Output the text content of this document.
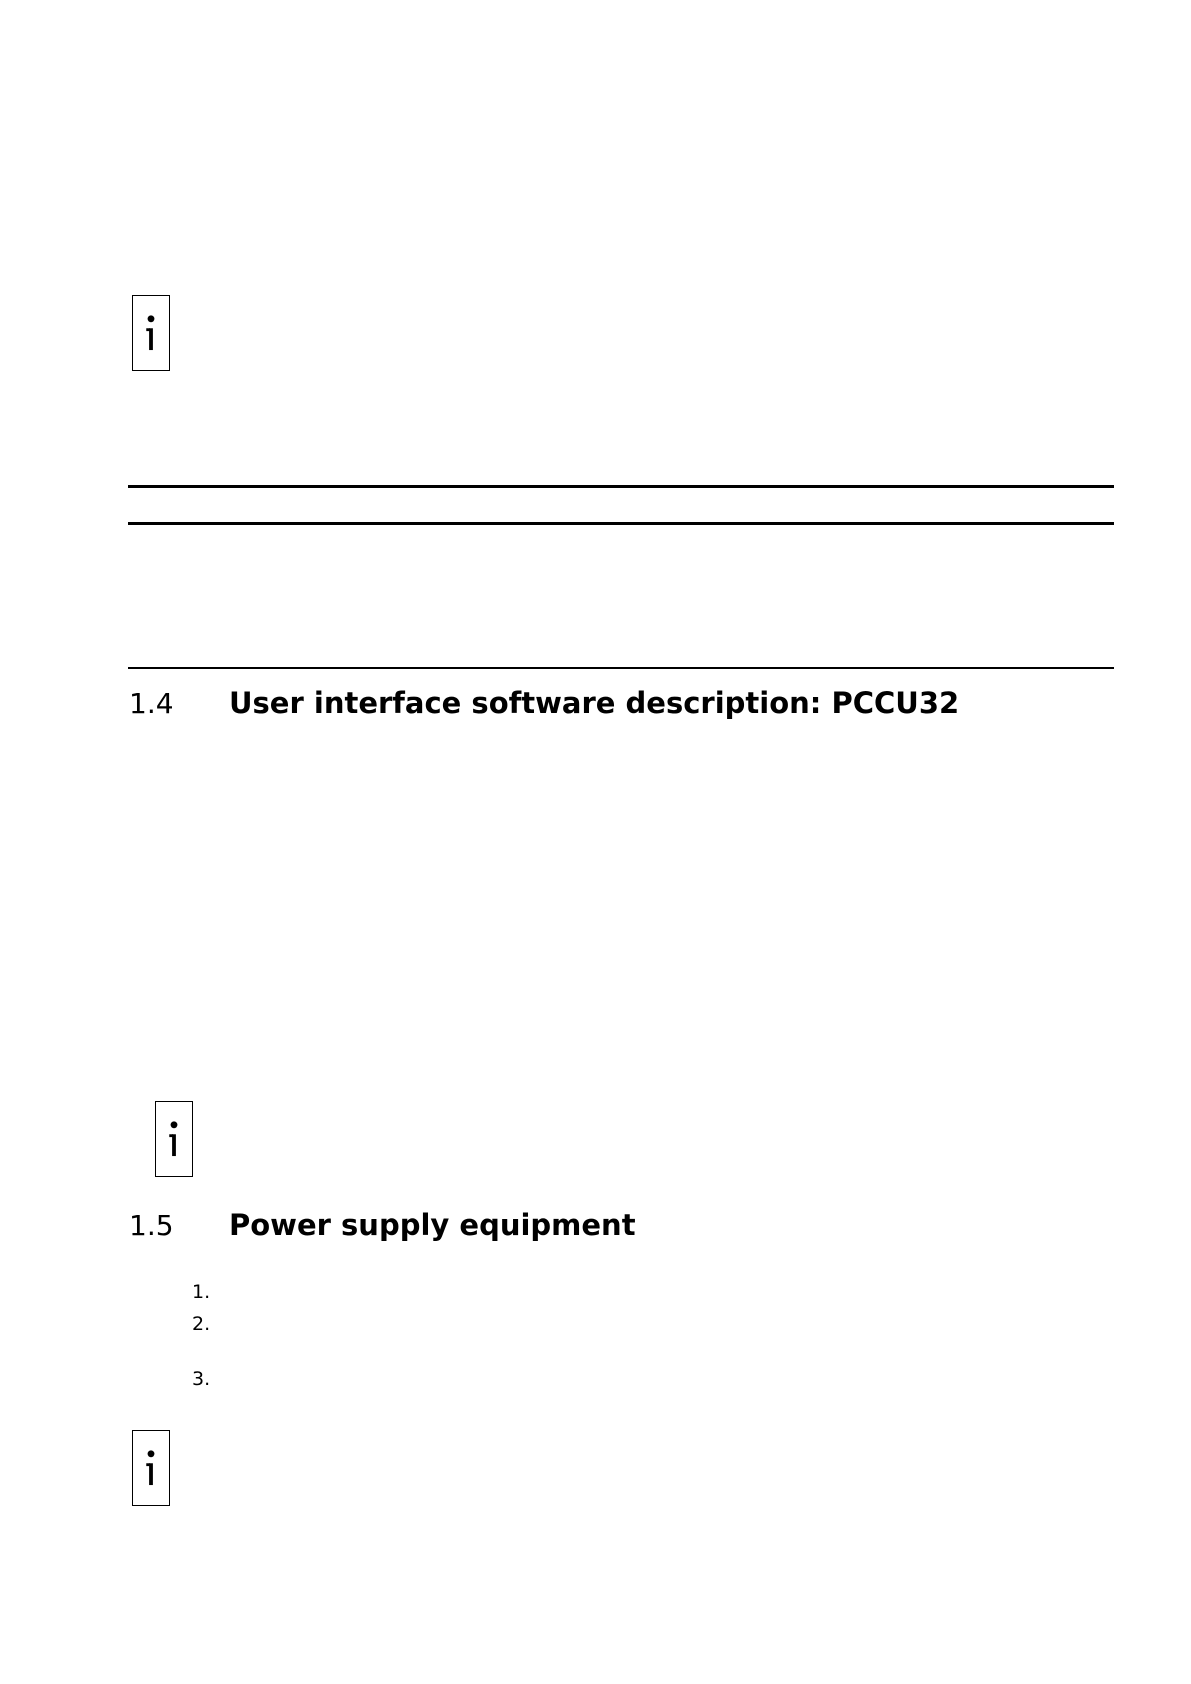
1.4	User interface software description: PCCU32
1.5	Power supply equipment
1.
2.
3.
